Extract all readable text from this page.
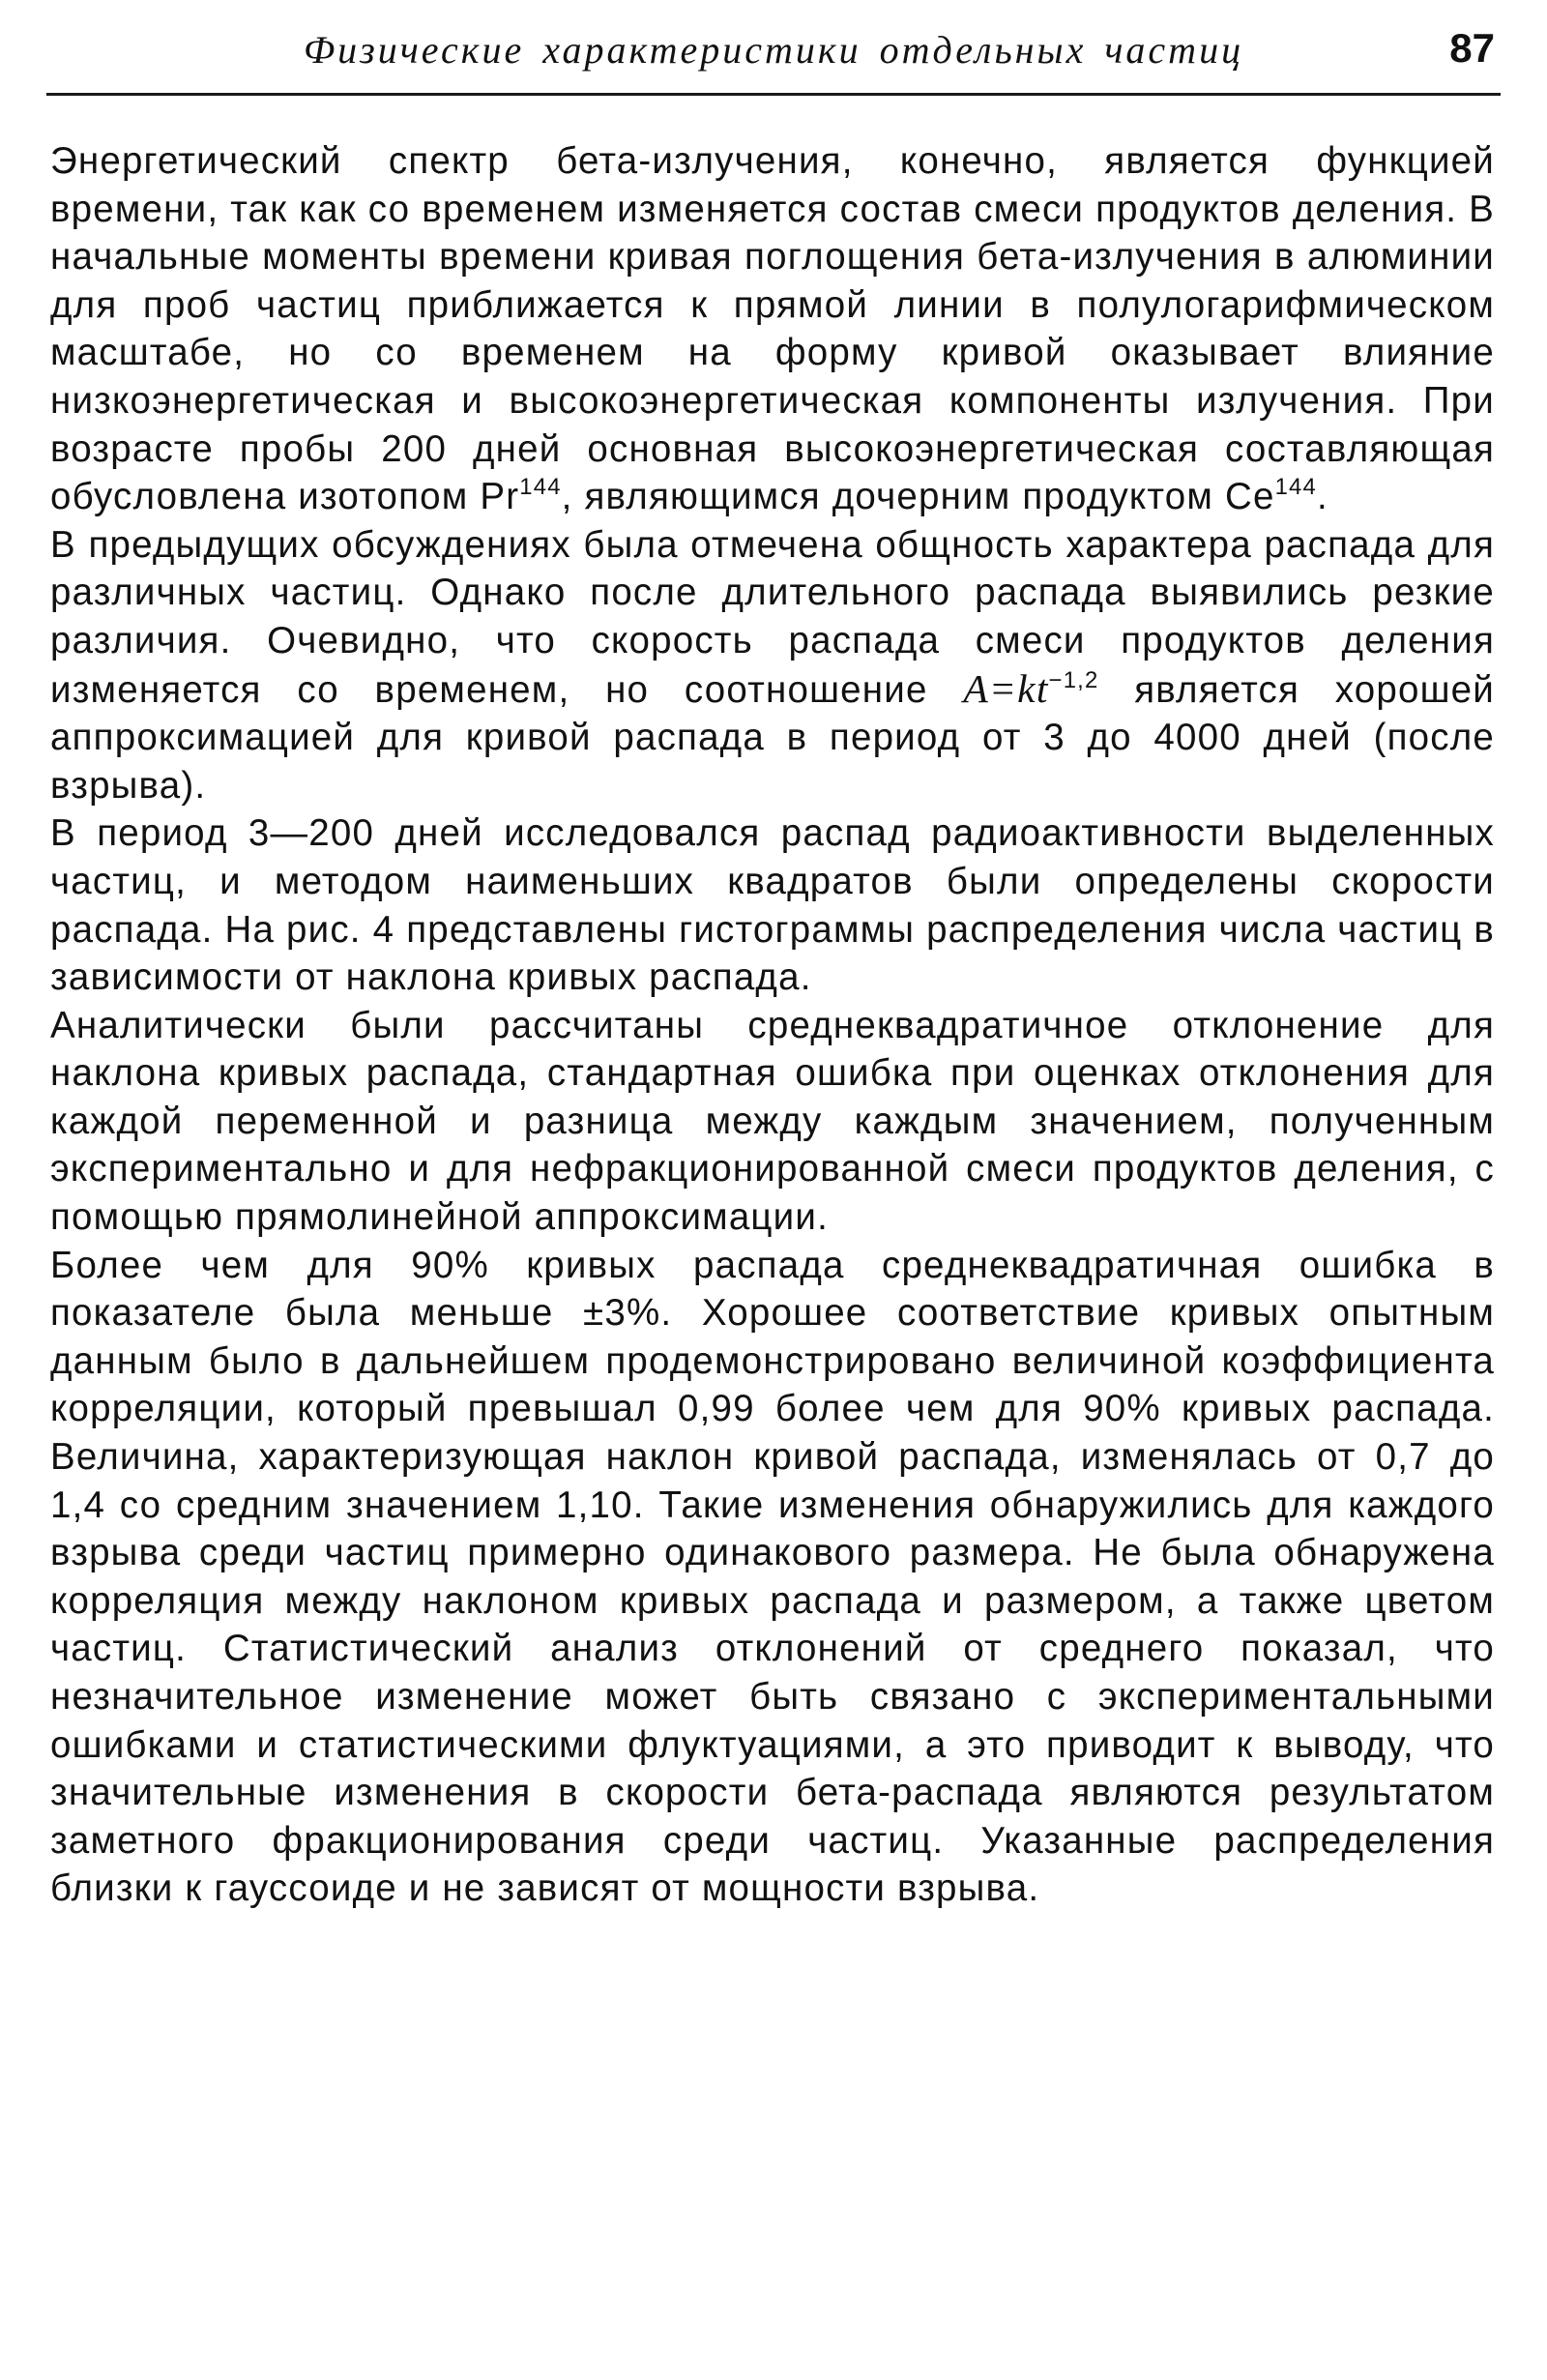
Физические характеристики отдельных частиц	87

Энергетический спектр бета-излучения, конечно, является функцией времени, так как со временем изменяется состав смеси продуктов деления. В начальные моменты времени кривая поглощения бета-излучения в алюминии для проб частиц приближается к прямой линии в полулогарифмическом масштабе, но со временем на форму кривой оказывает влияние низкоэнергетическая и высокоэнергетическая компоненты излучения. При возрасте пробы 200 дней основная высокоэнергетическая составляющая обусловлена изотопом Pr$^{144}$, являющимся дочерним продуктом Ce$^{144}$.

В предыдущих обсуждениях была отмечена общность характера распада для различных частиц. Однако после длительного распада выявились резкие различия. Очевидно, что скорость распада смеси продуктов деления изменяется со временем, но соотношение $A=kt^{-1,2}$ является хорошей аппроксимацией для кривой распада в период от 3 до 4000 дней (после взрыва).

В период 3—200 дней исследовался распад радиоактивности выделенных частиц, и методом наименьших квадратов были определены скорости распада. На рис. 4 представлены гистограммы распределения числа частиц в зависимости от наклона кривых распада.

Аналитически были рассчитаны среднеквадратичное отклонение для наклона кривых распада, стандартная ошибка при оценках отклонения для каждой переменной и разница между каждым значением, полученным экспериментально и для нефракционированной смеси продуктов деления, с помощью прямолинейной аппроксимации.

Более чем для 90% кривых распада среднеквадратичная ошибка в показателе была меньше ±3%. Хорошее соответствие кривых опытным данным было в дальнейшем продемонстрировано величиной коэффициента корреляции, который превышал 0,99 более чем для 90% кривых распада. Величина, характеризующая наклон кривой распада, изменялась от 0,7 до 1,4 со средним значением 1,10. Такие изменения обнаружились для каждого взрыва среди частиц примерно одинакового размера. Не была обнаружена корреляция между наклоном кривых распада и размером, а также цветом частиц. Статистический анализ отклонений от среднего показал, что незначительное изменение может быть связано с экспериментальными ошибками и статистическими флуктуациями, а это приводит к выводу, что значительные изменения в скорости бета-распада являются результатом заметного фракционирования среди частиц. Указанные распределения близки к гауссоиде и не зависят от мощности взрыва.
